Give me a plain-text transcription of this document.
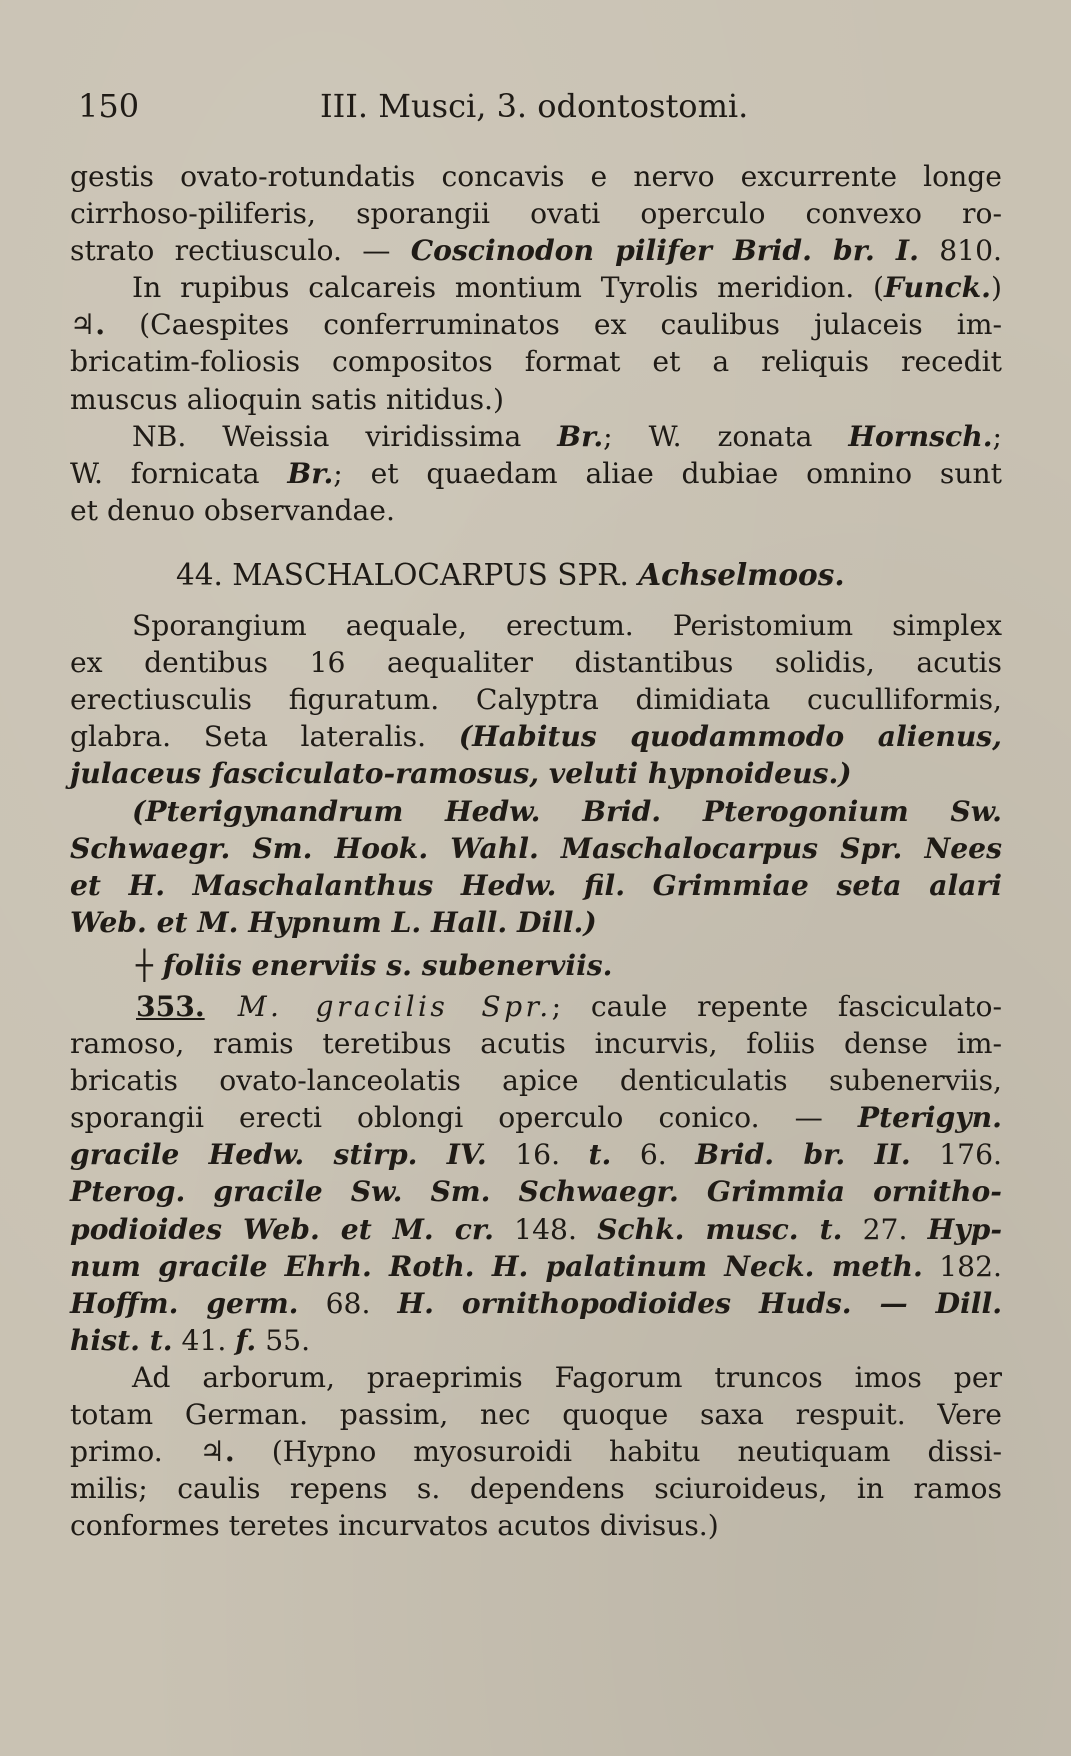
150	III. Musci, 3. odontostomi.
gestis ovato-rotundatis concavis e nervo excurrente longe
cirrhoso-piliferis, sporangii ovati operculo convexo ro-
strato rectiusculo. — Coscinodon pilifer Brid. br. I. 810.
In rupibus calcareis montium Tyrolis meridion. (Funck.)
♃. (Caespites conferruminatos ex caulibus julaceis im-
bricatim-foliosis compositos format et a reliquis recedit
muscus alioquin satis nitidus.)
NB. Weissia viridissima Br.; W. zonata Hornsch.;
W. fornicata Br.; et quaedam aliae dubiae omnino sunt
et denuo observandae.
44. MASCHALOCARPUS SPR. Achselmoos.
Sporangium aequale, erectum. Peristomium simplex
ex dentibus 16 aequaliter distantibus solidis, acutis
erectiusculis figuratum. Calyptra dimidiata cuculliformis,
glabra. Seta lateralis. (Habitus quodammodo alienus,
julaceus fasciculato-ramosus, veluti hypnoideus.)
(Pterigynandrum Hedw. Brid. Pterogonium Sw.
Schwaegr. Sm. Hook. Wahl. Maschalocarpus Spr. Nees
et H. Maschalanthus Hedw. fil. Grimmiae seta alari
Web. et M. Hypnum L. Hall. Dill.)
┼ foliis enerviis s. subenerviis.
353. M. gracilis Spr.; caule repente fasciculato-
ramoso, ramis teretibus acutis incurvis, foliis dense im-
bricatis ovato-lanceolatis apice denticulatis subenerviis,
sporangii erecti oblongi operculo conico. — Pterigyn.
gracile Hedw. stirp. IV. 16. t. 6. Brid. br. II. 176.
Pterog. gracile Sw. Sm. Schwaegr. Grimmia ornitho-
podioides Web. et M. cr. 148. Schk. musc. t. 27. Hyp-
num gracile Ehrh. Roth. H. palatinum Neck. meth. 182.
Hoffm. germ. 68. H. ornithopodioides Huds. — Dill.
hist. t. 41. f. 55.
Ad arborum, praeprimis Fagorum truncos imos per
totam German. passim, nec quoque saxa respuit. Vere
primo. ♃. (Hypno myosuroidi habitu neutiquam dissi-
milis; caulis repens s. dependens sciuroideus, in ramos
conformes teretes incurvatos acutos divisus.)
